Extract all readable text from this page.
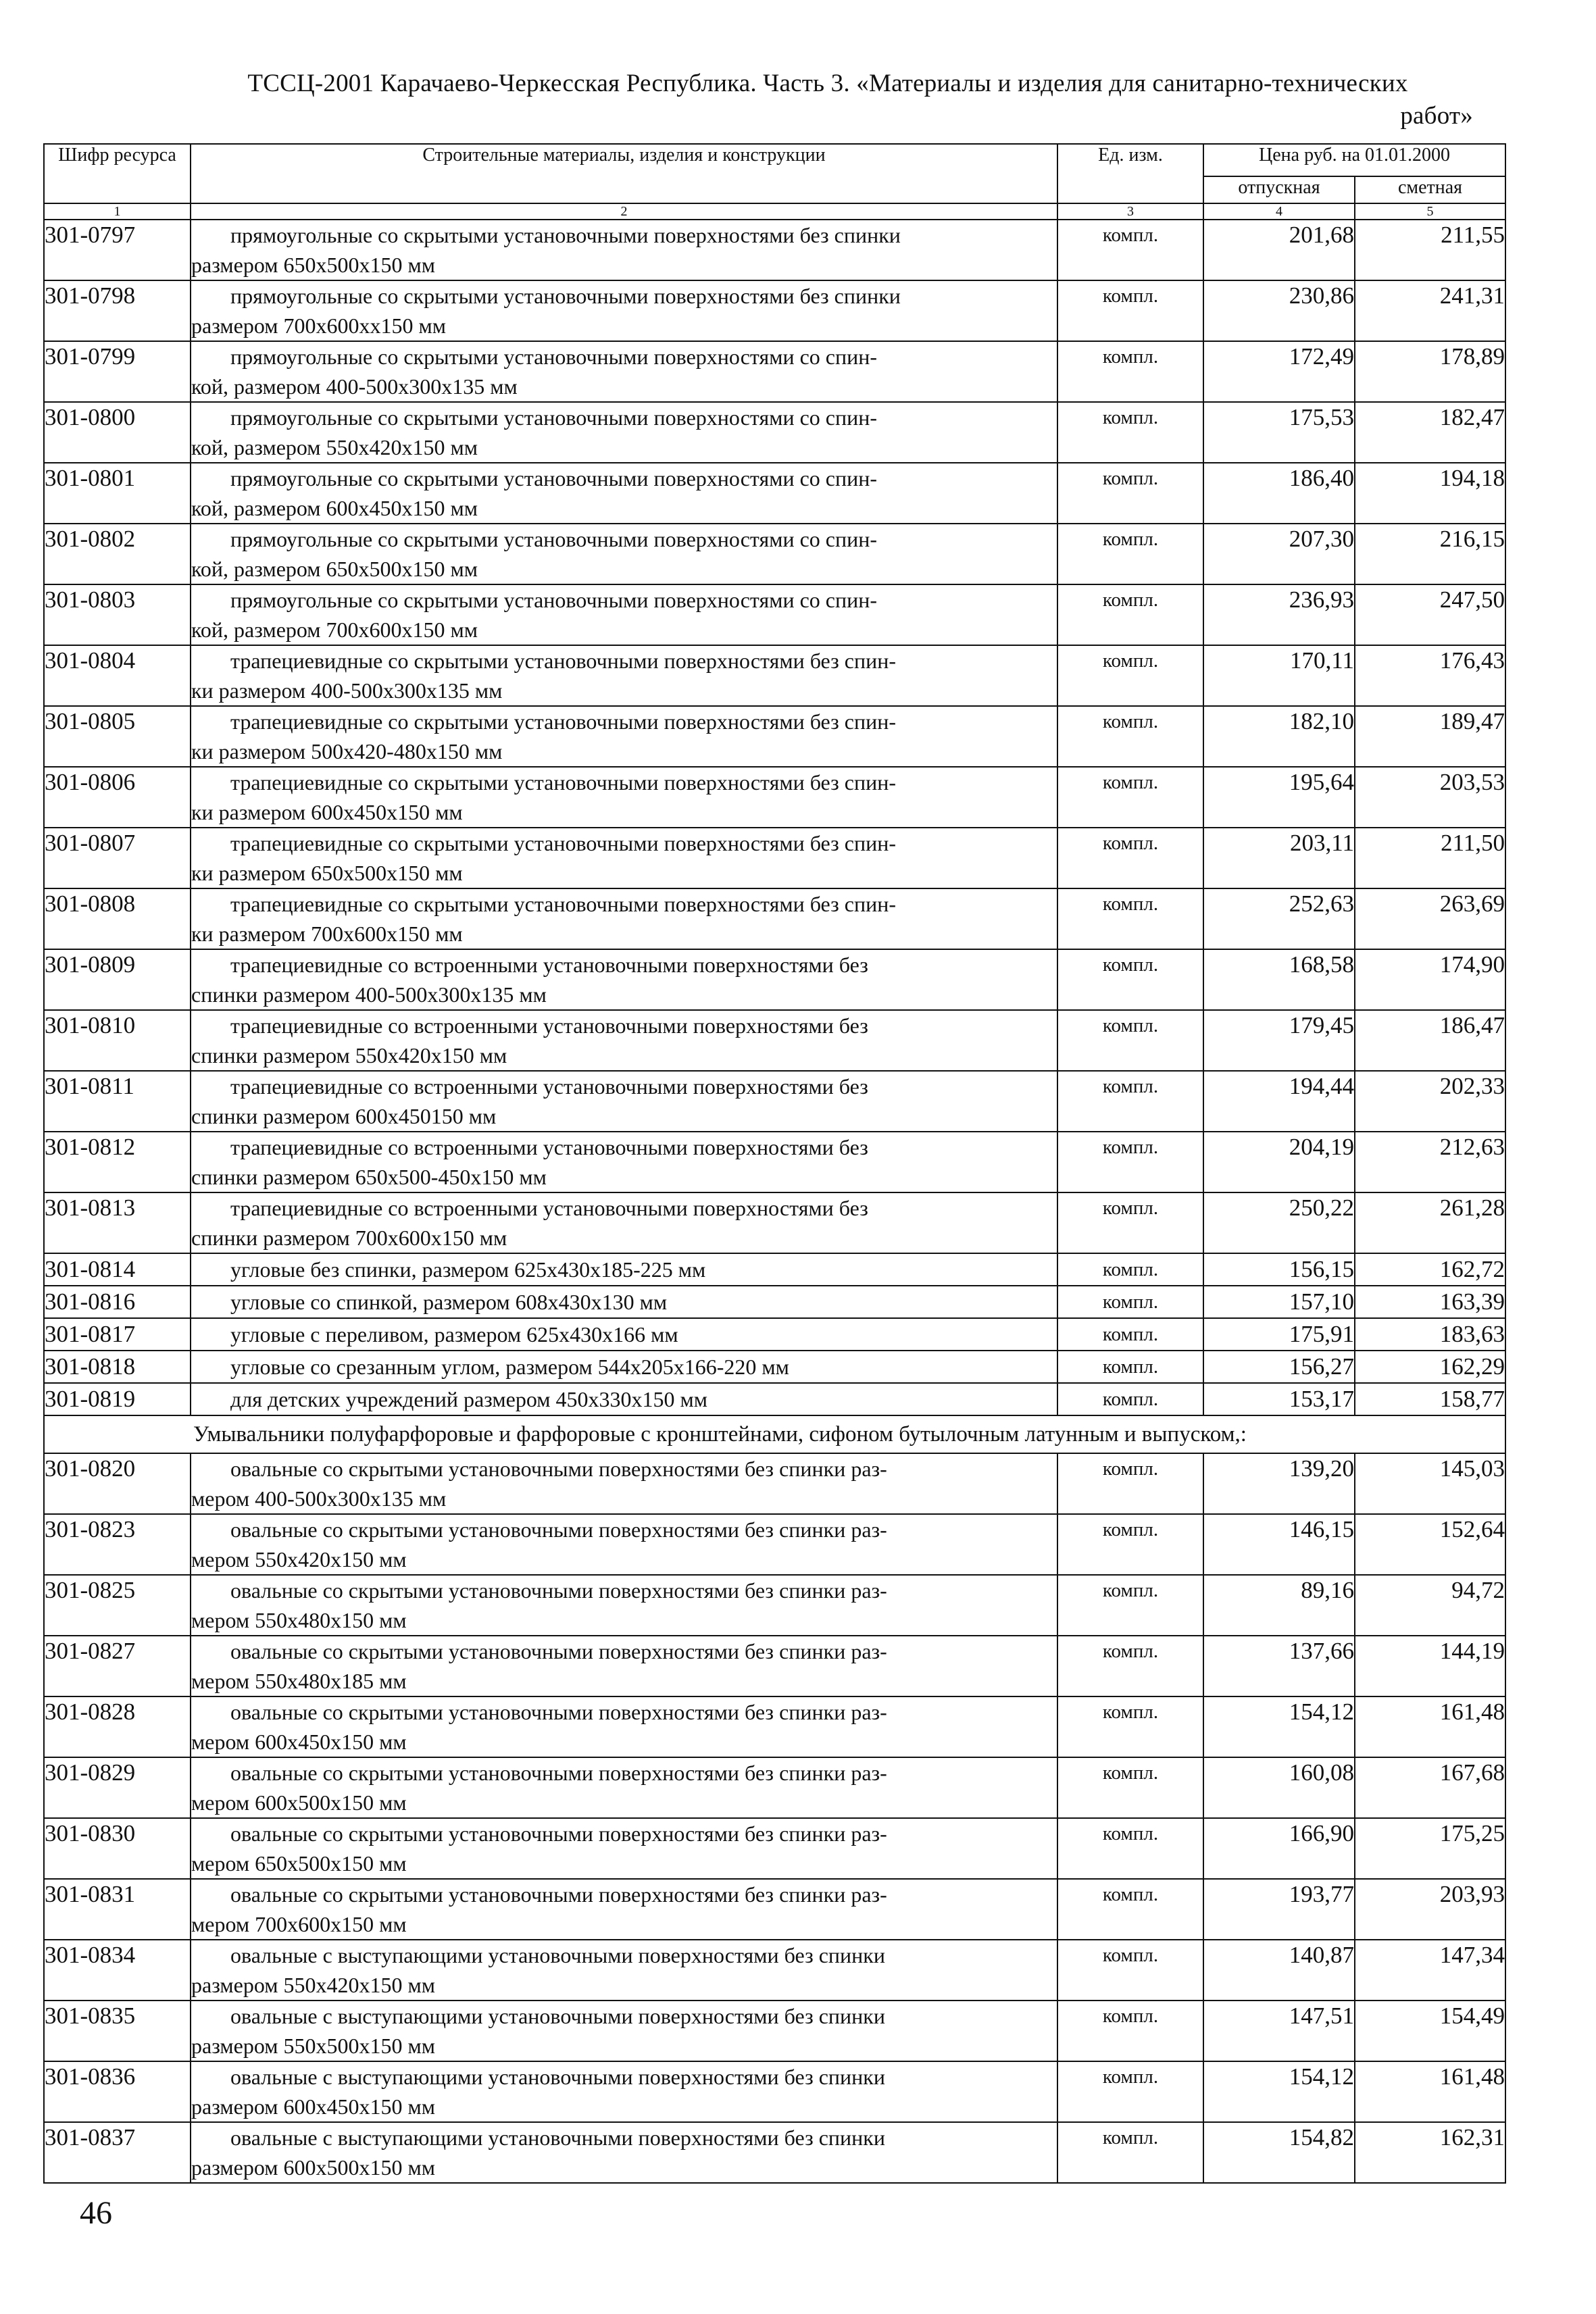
ТССЦ-2001 Карачаево-Черкесская Республика. Часть 3. «Материалы и изделия для санитарно-технических
работ»
Шифр ресурса	Строительные материалы, изделия и конструкции	Ед. изм.	Цена руб. на 01.01.2000	
			отпускная	сметная
1	2	3	4	5
301-0797	прямоугольные со скрытыми установочными поверхностями без спинки
размером 650x500x150 мм	компл.	201,68	211,55
301-0798	прямоугольные со скрытыми установочными поверхностями без спинки
размером 700x600xx150 мм	компл.	230,86	241,31
301-0799	прямоугольные со скрытыми установочными поверхностями со спин-
кой, размером 400-500x300x135 мм	компл.	172,49	178,89
301-0800	прямоугольные со скрытыми установочными поверхностями со спин-
кой, размером 550x420x150 мм	компл.	175,53	182,47
301-0801	прямоугольные со скрытыми установочными поверхностями со спин-
кой, размером 600x450x150 мм	компл.	186,40	194,18
301-0802	прямоугольные со скрытыми установочными поверхностями со спин-
кой, размером 650x500x150 мм	компл.	207,30	216,15
301-0803	прямоугольные со скрытыми установочными поверхностями со спин-
кой, размером 700x600x150 мм	компл.	236,93	247,50
301-0804	трапециевидные со скрытыми установочными поверхностями без спин-
ки размером 400-500x300x135 мм	компл.	170,11	176,43
301-0805	трапециевидные со скрытыми установочными поверхностями без спин-
ки размером 500x420-480x150 мм	компл.	182,10	189,47
301-0806	трапециевидные со скрытыми установочными поверхностями без спин-
ки размером 600x450x150 мм	компл.	195,64	203,53
301-0807	трапециевидные со скрытыми установочными поверхностями без спин-
ки размером 650x500x150 мм	компл.	203,11	211,50
301-0808	трапециевидные со скрытыми установочными поверхностями без спин-
ки размером 700x600x150 мм	компл.	252,63	263,69
301-0809	трапециевидные со встроенными установочными поверхностями без
спинки размером 400-500x300x135 мм	компл.	168,58	174,90
301-0810	трапециевидные со встроенными установочными поверхностями без
спинки размером 550x420x150 мм	компл.	179,45	186,47
301-0811	трапециевидные со встроенными установочными поверхностями без
спинки размером 600x450150 мм	компл.	194,44	202,33
301-0812	трапециевидные со встроенными установочными поверхностями без
спинки размером 650x500-450x150 мм	компл.	204,19	212,63
301-0813	трапециевидные со встроенными установочными поверхностями без
спинки размером 700x600x150 мм	компл.	250,22	261,28
301-0814	угловые без спинки, размером 625x430x185-225 мм	компл.	156,15	162,72
301-0816	угловые со спинкой, размером 608x430x130 мм	компл.	157,10	163,39
301-0817	угловые с переливом, размером 625x430x166 мм	компл.	175,91	183,63
301-0818	угловые со срезанным углом, размером 544x205x166-220 мм	компл.	156,27	162,29
301-0819	для детских учреждений размером 450x330x150 мм	компл.	153,17	158,77
Умывальники полуфарфоровые и фарфоровые с кронштейнами, сифоном бутылочным латунным и выпуском,:				
301-0820	овальные со скрытыми установочными поверхностями без спинки раз-
мером 400-500x300x135 мм	компл.	139,20	145,03
301-0823	овальные со скрытыми установочными поверхностями без спинки раз-
мером 550x420x150 мм	компл.	146,15	152,64
301-0825	овальные со скрытыми установочными поверхностями без спинки раз-
мером 550x480x150 мм	компл.	89,16	94,72
301-0827	овальные со скрытыми установочными поверхностями без спинки раз-
мером 550x480x185 мм	компл.	137,66	144,19
301-0828	овальные со скрытыми установочными поверхностями без спинки раз-
мером 600x450x150 мм	компл.	154,12	161,48
301-0829	овальные со скрытыми установочными поверхностями без спинки раз-
мером 600x500x150 мм	компл.	160,08	167,68
301-0830	овальные со скрытыми установочными поверхностями без спинки раз-
мером 650x500x150 мм	компл.	166,90	175,25
301-0831	овальные со скрытыми установочными поверхностями без спинки раз-
мером 700x600x150 мм	компл.	193,77	203,93
301-0834	овальные с выступающими установочными поверхностями без спинки
размером 550x420x150 мм	компл.	140,87	147,34
301-0835	овальные с выступающими установочными поверхностями без спинки
размером 550x500x150 мм	компл.	147,51	154,49
301-0836	овальные с выступающими установочными поверхностями без спинки
размером 600x450x150 мм	компл.	154,12	161,48
301-0837	овальные с выступающими установочными поверхностями без спинки
размером 600x500x150 мм	компл.	154,82	162,31
46
